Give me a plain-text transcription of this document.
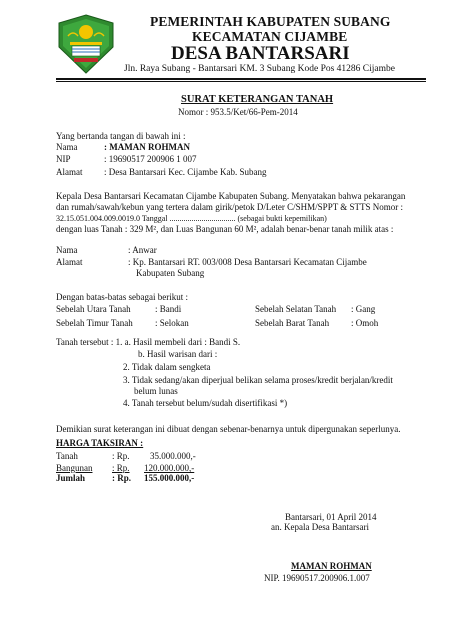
PEMERINTAH KABUPATEN SUBANG
KECAMATAN CIJAMBE
DESA BANTARSARI
Jln. Raya Subang - Bantarsari KM. 3 Subang Kode Pos 41286 Cijambe
SURAT KETERANGAN TANAH
Nomor : 953.5/Ket/66-Pem-2014
Yang bertanda tangan di bawah ini :
Nama	: MAMAN ROHMAN
NIP	: 19690517 200906 1 007
Alamat : Desa Bantarsari Kec. Cijambe Kab. Subang
Kepala Desa Bantarsari Kecamatan Cijambe Kabupaten Subang. Menyatakan bahwa pekarangan
dan rumah/sawah/kebun yang tertera dalam girik/petok D/Leter C/SHM/SPPT & STTS Nomor :
32.15.051.004.009.0019.0 Tanggal ................................. (sebagai bukti kepemilikan)
dengan luas Tanah : 329 M², dan Luas Bangunan 60 M², adalah benar-benar tanah milik atas :
Nama	: Anwar
Alamat	: Kp. Bantarsari RT. 003/008 Desa Bantarsari Kecamatan Cijambe
Kabupaten Subang
Dengan batas-batas sebagai berikut :
Sebelah Utara Tanah	: Bandi	Sebelah Selatan Tanah : Gang
Sebelah Timur Tanah : Selokan	Sebelah Barat Tanah : Omoh
Tanah tersebut : 1. a. Hasil membeli dari : Bandi S.
b. Hasil warisan dari :
2. Tidak dalam sengketa
3. Tidak sedang/akan diperjual belikan selama proses/kredit berjalan/kredit
belum lunas
4. Tanah tersebut belum/sudah disertifikasi *)
Demikian surat keterangan ini dibuat dengan sebenar-benarnya untuk dipergunakan seperlunya.
HARGA TAKSIRAN :
Tanah	: Rp. 35.000.000,-
Bangunan : Rp. 120.000.000,-
Jumlah	: Rp. 155.000.000,-
Bantarsari, 01 April 2014
an. Kepala Desa Bantarsari
MAMAN ROHMAN
NIP. 19690517.200906.1.007
